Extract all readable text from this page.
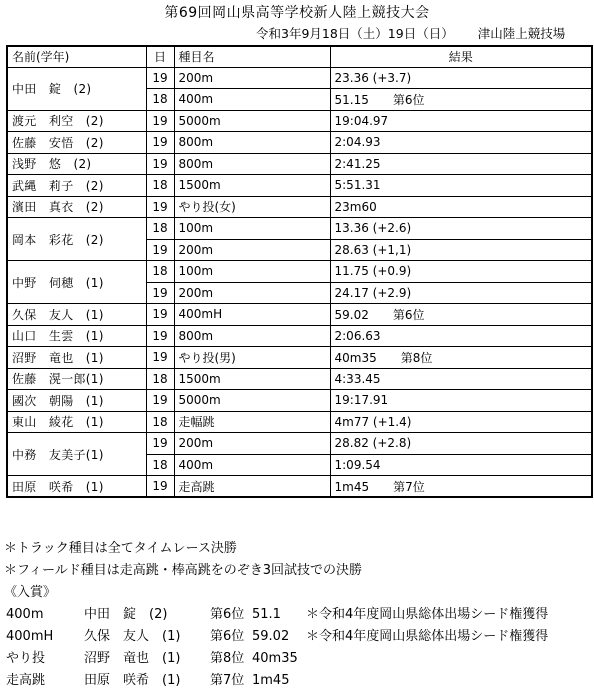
第69回岡山県高等学校新人陸上競技大会
令和3年9月18日（土）19日（日） 津山陸上競技場
名前(学年)	日	種目名	結果
中田　錠　(2)	19	200m	23.36 (+3.7)
	18	400m	51.15 第6位
渡元　利空　(2)	19	5000m	19:04.97
佐藤　安悟　(2)	19	800m	2:04.93
浅野　悠　(2)	19	800m	2:41.25
武縄　莉子　(2)	18	1500m	5:51.31
濱田　真衣　(2)	19	やり投(女)	23m60
岡本　彩花　(2)	18	100m	13.36 (+2.6)
	19	200m	28.63 (+1,1)
中野　伺穂　(1)	18	100m	11.75 (+0.9)
	19	200m	24.17 (+2.9)
久保　友人　(1)	19	400mH	59.02 第6位
山口　生雲　(1)	19	800m	2:06.63
沼野　竜也　(1)	19	やり投(男)	40m35 第8位
佐藤　滉一郎(1)	18	1500m	4:33.45
國次　朝陽　(1)	19	5000m	19:17.91
東山　綾花　(1)	18	走幅跳	4m77 (+1.4)
中務　友美子(1)	19	200m	28.82 (+2.8)
	18	400m	1:09.54
田原　咲希　(1)	19	走高跳	1m45 第7位
＊トラック種目は全てタイムレース決勝
＊フィールド種目は走高跳・棒高跳をのぞき3回試技での決勝
《入賞》
400m	中田　錠　(2)	第6位 51.1 ＊令和4年度岡山県総体出場シード権獲得
400mH 久保　友人　(1) 第6位 59.02 ＊令和4年度岡山県総体出場シード権獲得
やり投	沼野　竜也　(1) 第8位 40m35
走高跳	田原　咲希　(1) 第7位 1m45
